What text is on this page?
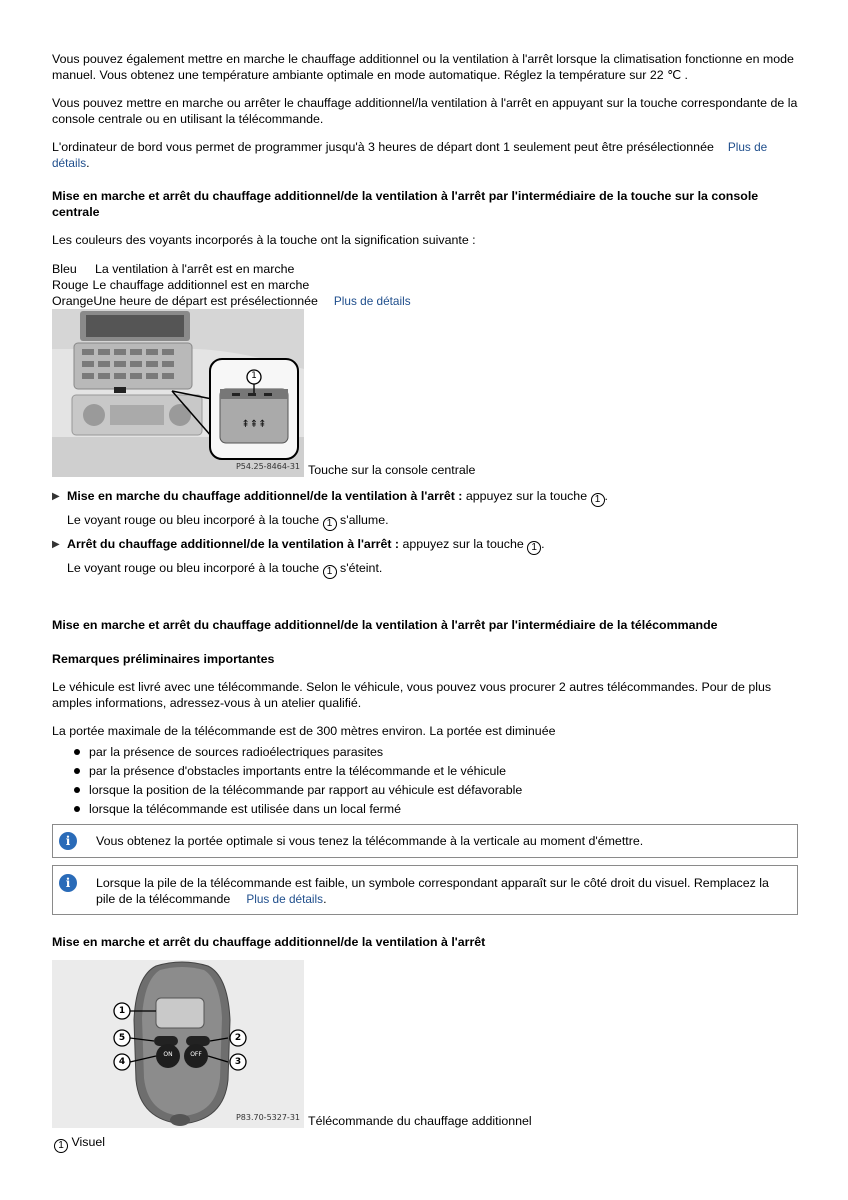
Vous pouvez également mettre en marche le chauffage additionnel ou la ventilation à l'arrêt lorsque la climatisation fonctionne en mode manuel. Vous obtenez une température ambiante optimale en mode automatique. Réglez la température sur 22 ℃ .

Vous pouvez mettre en marche ou arrêter le chauffage additionnel/la ventilation à l'arrêt en appuyant sur la touche correspondante de la console centrale ou en utilisant la télécommande.

L'ordinateur de bord vous permet de programmer jusqu'à 3 heures de départ dont 1 seulement peut être présélectionnée Plus de
détails.

Mise en marche et arrêt du chauffage additionnel/de la ventilation à l'arrêt par l'intermédiaire de la touche sur la console centrale

Les couleurs des voyants incorporés à la touche ont la signification suivante :

Bleu	La ventilation à l'arrêt est en marche
Rouge Le chauffage additionnel est en marche
Orange Une heure de départ est présélectionnée Plus de détails
⇞⇞⇞
P54.25-8464-31
1
Touche sur la console centrale
▶ Mise en marche du chauffage additionnel/de la ventilation à l'arrêt : appuyez sur la touche 1 .
Le voyant rouge ou bleu incorporé à la touche 1 s'allume.
▶ Arrêt du chauffage additionnel/de la ventilation à l'arrêt : appuyez sur la touche 1 .
Le voyant rouge ou bleu incorporé à la touche 1 s'éteint.

Mise en marche et arrêt du chauffage additionnel/de la ventilation à l'arrêt par l'intermédiaire de la télécommande

Remarques préliminaires importantes

Le véhicule est livré avec une télécommande. Selon le véhicule, vous pouvez vous procurer 2 autres télécommandes. Pour de plus amples informations, adressez-vous à un atelier qualifié.

La portée maximale de la télécommande est de 300 mètres environ. La portée est diminuée

par la présence de sources radioélectriques parasites
par la présence d'obstacles importants entre la télécommande et le véhicule
lorsque la position de la télécommande par rapport au véhicule est défavorable
lorsque la télécommande est utilisée dans un local fermé
i	Vous obtenez la portée optimale si vous tenez la télécommande à la verticale au moment d'émettre.
i	Lorsque la pile de la télécommande est faible, un symbole correspondant apparaît sur le côté droit du visuel. Remplacez la pile de la télécommande Plus de détails.

Mise en marche et arrêt du chauffage additionnel/de la ventilation à l'arrêt

ON	OFF
1
5
4
2
3
P83.70-5327-31 Télécommande du chauffage additionnel
1 Visuel
